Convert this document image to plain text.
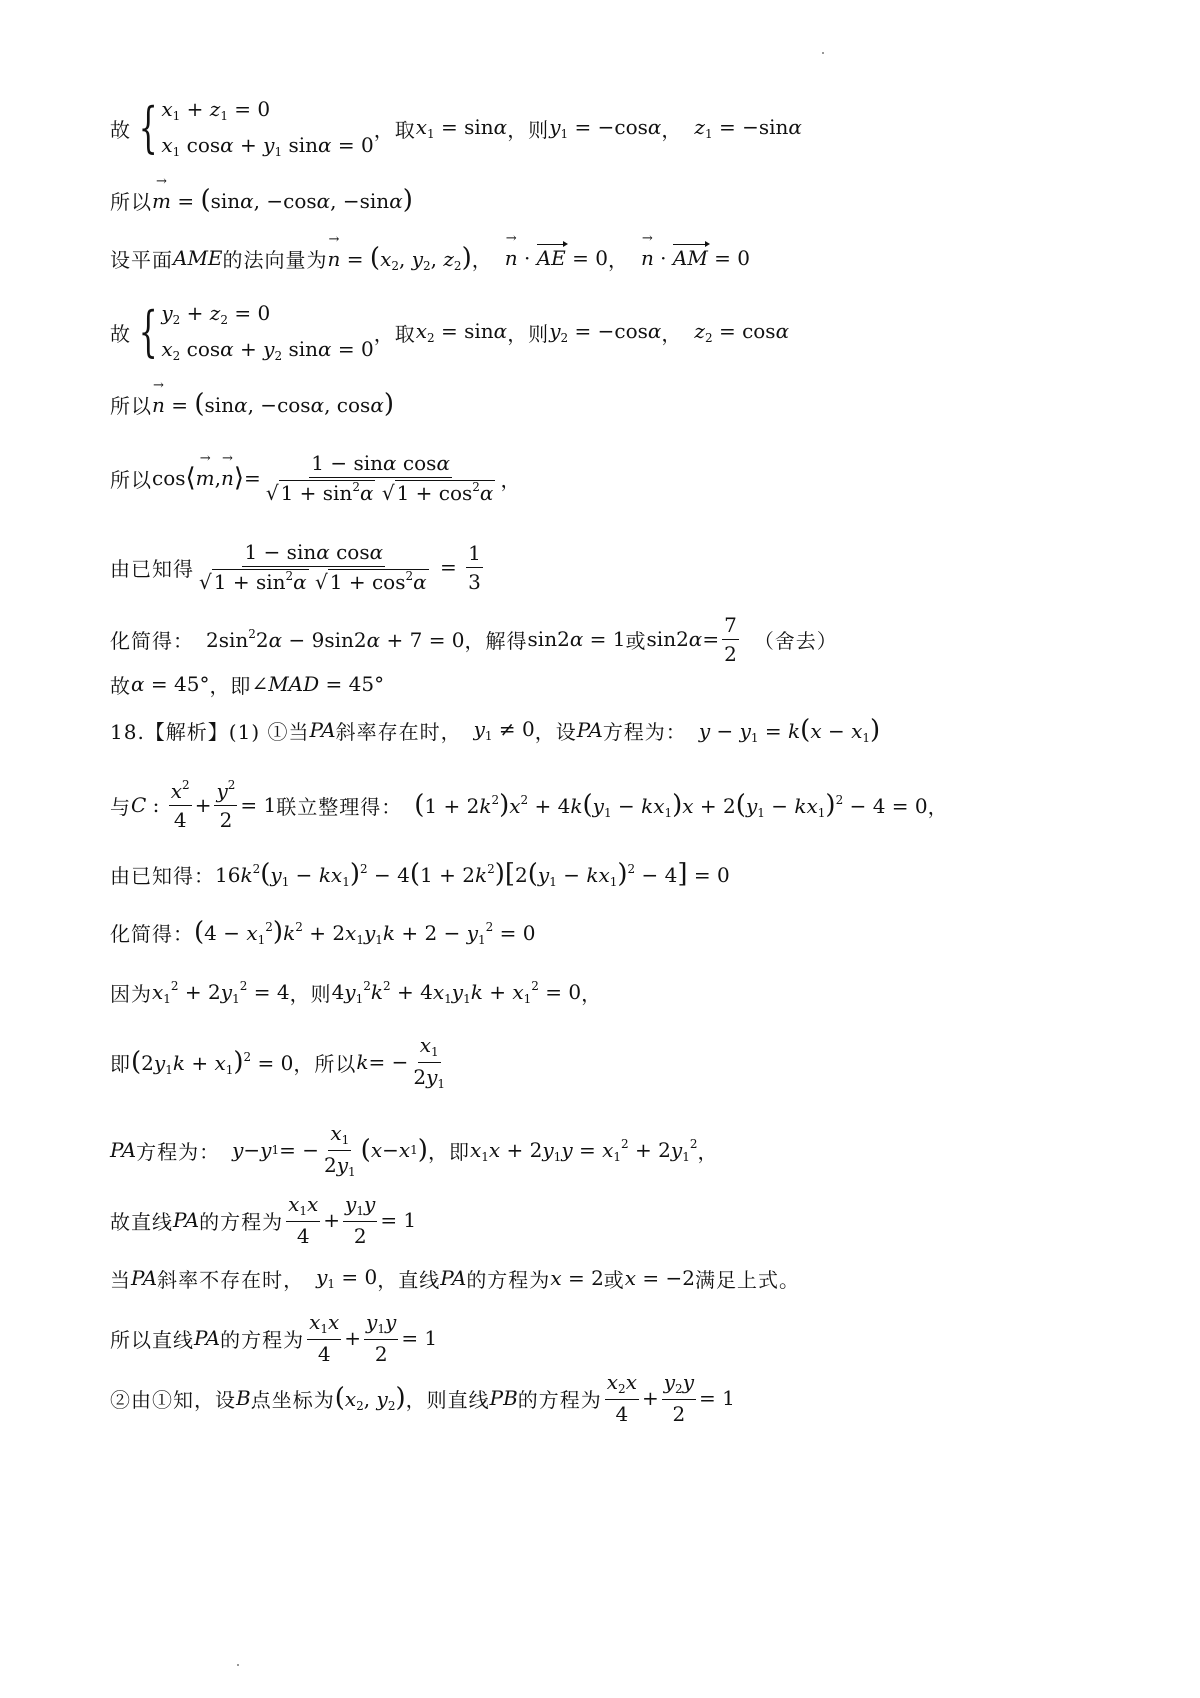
故 { $x_1 + z_1 = 0$
$x_1$ $\cos\alpha + y_1$ sinα = 0
，取 $x_1 = \sin\alpha$ ，则 $y_1 = -\cos\alpha$ ， $z_1 = -\sin\alpha$
所以 → m = (sinα, −cosα, −sinα)
设平面 AME 的法向量为 → $n = (x_2$, $y_2$, $z_2$) ， → n · AE = 0 ， → n · AM = 0
故 { $y_2 + z_2 = 0$
$x_2$ $\cos\alpha + y_2$ sinα = 0
，取 $x_2 = \sin\alpha$ ，则 $y_2 = -\cos\alpha$ ， $z_2 = \cos\alpha$
所以 → n = (sinα, −cosα, cosα)
所以 cos ⟨ → m , → n ⟩ = $\frac{\text{1 − sinα cosα}}{√ 1 + \sin^2\alpha √ 1 + \cos^2\alpha}$ ，
由已知得 $\frac{\text{1 − sinα cosα}}{√ 1 + \sin^2\alpha √ 1 + \cos^2\alpha} = \frac{1}{3}$
化简得： $2\sin^22\alpha - 9\sin 2\alpha + 7 = 0$ ，解得 sin2α = 1 或 sin2 $\alpha = \frac{7}{2}$ （舍去）
故 α = 45° ，即 ∠MAD = 45°
18.【解析】(1) ①当 PA 斜率存在时， $y_1 \ne 0$ ，设 PA 方程为： $y - y_1 = k(x - x_1)$
与 C : $\frac{x^2}{4} + \frac{y^2}{2} = 1$ 联立整理得： $(1 + 2k^2)x^2 + 4k(y_1 - kx_1)x + 2(y_1 - kx_1)^2 - 4 = 0$ ，
由已知得： $16k^2(y_1 - kx_1)^2 - 4(1 + 2k^2)[2(y_1 - kx_1)^2 - 4] = 0$
化简得： $(4 - x_1^2)k^2 + 2x_1y_1k + 2 - y_1^2 = 0$
因为 $x_1^2 + 2y_1^2 = 4$ ，则 $4y_1^2k^2 + 4x_1y_1k + x_1^2 = 0$ ，
即 $(2y_1k + x_1)^2 = 0$ ，所以 k = − $\frac{x_1}{2y_1}$
PA 方程为： y − y 1 = − $\frac{x_1}{2y_1}$ ( x − x 1 ) ，即 $x_1x + 2y_1y = x_1^2 + 2y_1^2$ ，
故直线 PA 的方程为 $\frac{x_1x}{4} + \frac{y_1y}{2} = 1$
当 PA 斜率不存在时， $y_1 = 0$ ，直线 PA 的方程为 x = 2 或 x = −2 满足上式。
所以直线 PA 的方程为 $\frac{x_1x}{4} + \frac{y_1y}{2} = 1$
②由①知，设 B 点坐标为 ($x_2$, $y_2$) ，则直线 PB 的方程为 $\frac{x_2x}{4} + \frac{y_2y}{2} = 1$
